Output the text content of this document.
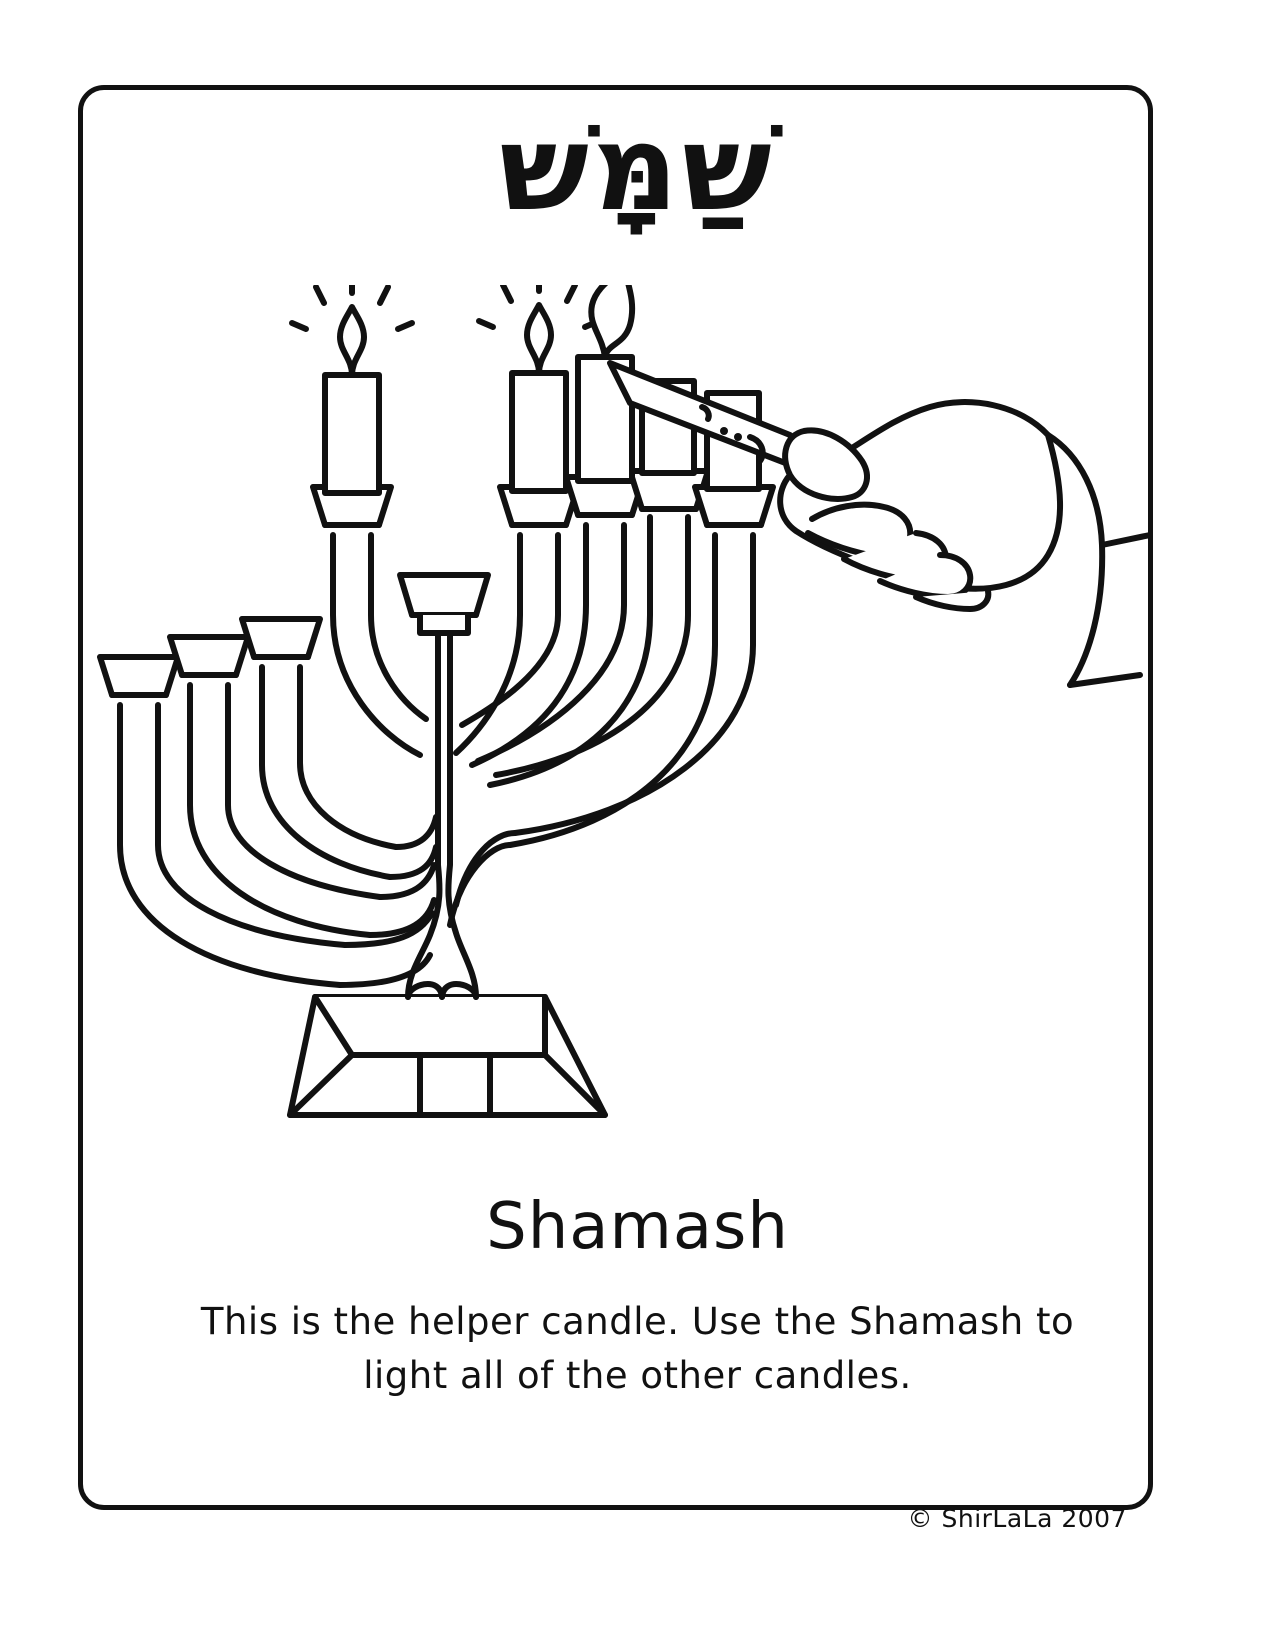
שַׁמָּשׁ
Shamash
This is the helper candle. Use the Shamash to light all of the other candles.
© ShirLaLa 2007
